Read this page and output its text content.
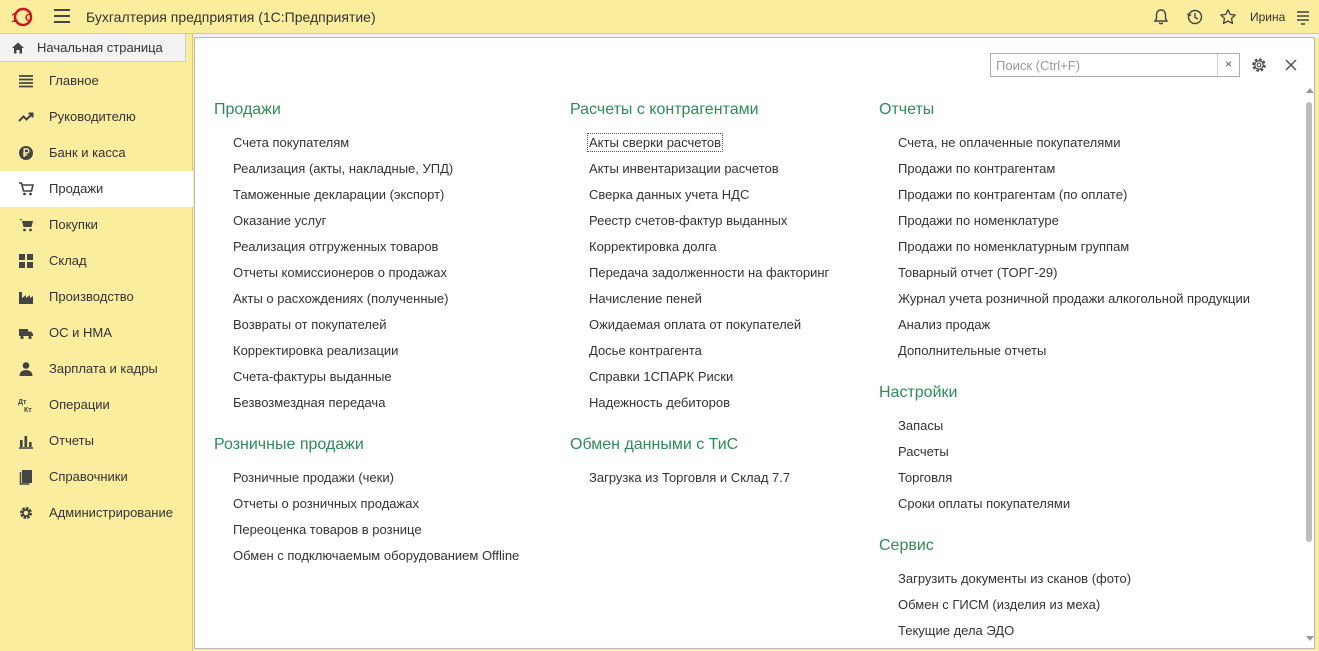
1 С	Бухгалтерия предприятия (1С:Предприятие)	Ирина
Начальная страница
Главное
Руководителю
Банк и касса
Продажи
Покупки
Склад
Производство
ОС и НМА
Зарплата и кадры
Дт
Кт Операции
Отчеты
Справочники
Администрирование
Поиск (Ctrl+F)
×
Продажи
Счета покупателям
Реализация (акты, накладные, УПД)
Таможенные декларации (экспорт)
Оказание услуг
Реализация отгруженных товаров
Отчеты комиссионеров о продажах
Акты о расхождениях (полученные)
Возвраты от покупателей
Корректировка реализации
Счета-фактуры выданные
Безвозмездная передача
Розничные продажи
Розничные продажи (чеки)
Отчеты о розничных продажах
Переоценка товаров в рознице
Обмен с подключаемым оборудованием Offline
Расчеты с контрагентами
Акты сверки расчетов
Акты инвентаризации расчетов
Сверка данных учета НДС
Реестр счетов-фактур выданных
Корректировка долга
Передача задолженности на факторинг
Начисление пеней
Ожидаемая оплата от покупателей
Досье контрагента
Справки 1СПАРК Риски
Надежность дебиторов
Обмен данными с ТиС
Загрузка из Торговля и Склад 7.7
Отчеты
Счета, не оплаченные покупателями
Продажи по контрагентам
Продажи по контрагентам (по оплате)
Продажи по номенклатуре
Продажи по номенклатурным группам
Товарный отчет (ТОРГ-29)
Журнал учета розничной продажи алкогольной продукции
Анализ продаж
Дополнительные отчеты
Настройки
Запасы
Расчеты
Торговля
Сроки оплаты покупателями
Сервис
Загрузить документы из сканов (фото)
Обмен с ГИСМ (изделия из меха)
Текущие дела ЭДО
